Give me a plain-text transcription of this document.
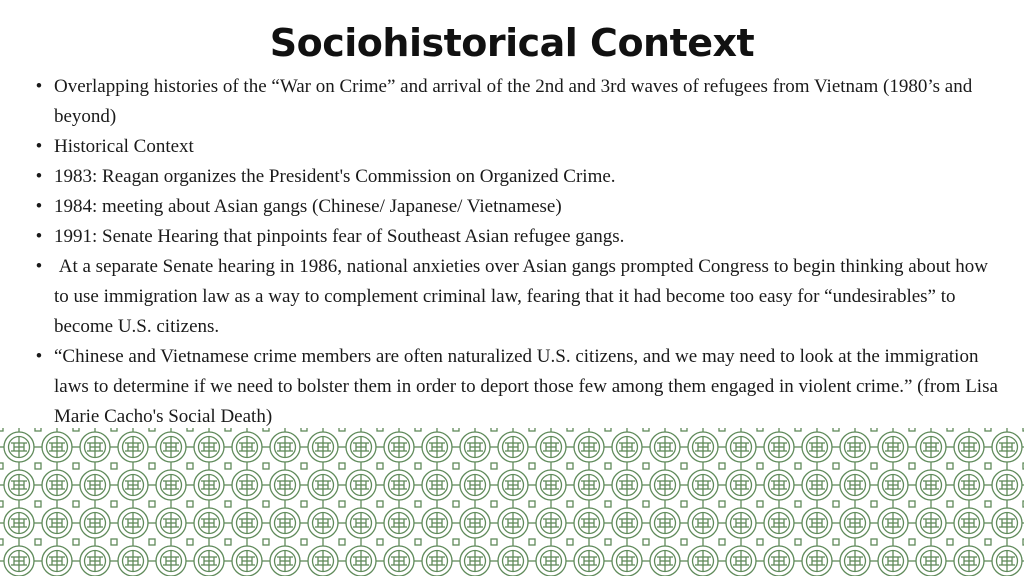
Sociohistorical Context
• Overlapping histories of the “War on Crime” and arrival of the 2nd and 3rd waves of refugees from Vietnam (1980’s and beyond)
• Historical Context
• 1983: Reagan organizes the President's Commission on Organized Crime.
• 1984: meeting about Asian gangs (Chinese/ Japanese/ Vietnamese)
• 1991: Senate Hearing that pinpoints fear of Southeast Asian refugee gangs.
• At a separate Senate hearing in 1986, national anxieties over Asian gangs prompted Congress to begin thinking about how to use immigration law as a way to complement criminal law, fearing that it had become too easy for “undesirables” to become U.S. citizens.
• “Chinese and Vietnamese crime members are often naturalized U.S. citizens, and we may need to look at the immigration laws to determine if we need to bolster them in order to deport those few among them engaged in violent crime.” (from Lisa Marie Cacho's Social Death)
